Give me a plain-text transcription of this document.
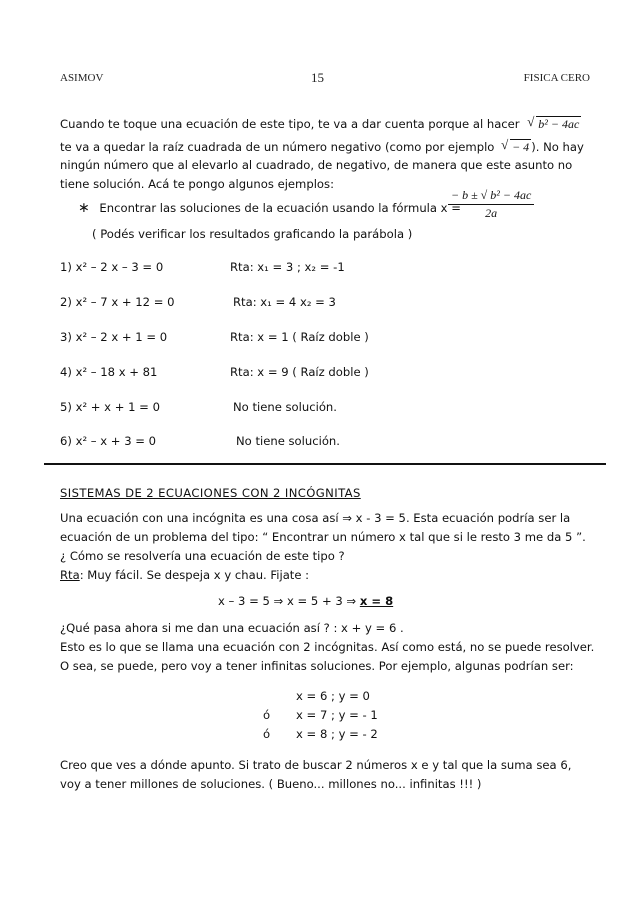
ASIMOV	15	FISICA CERO
Cuando te toque una ecuación de este tipo, te va a dar cuenta porque al hacer √ b² − 4ac
te va a quedar la raíz cuadrada de un número negativo (como por ejemplo √ − 4 ). No hay
ningún número que al elevarlo al cuadrado, de negativo, de manera que este asunto no
tiene solución. Acá te pongo algunos ejemplos:
∗ Encontrar las soluciones de la ecuación usando la fórmula x =
$\frac{\text{− b ± √ b² − 4ac}}{2a}$
( Podés verificar los resultados graficando la parábola )
1) x² – 2 x – 3 = 0	Rta: x₁ = 3 ; x₂ = -1
2) x² – 7 x + 12 = 0	Rta: x₁ = 4 x₂ = 3
3) x² – 2 x + 1 = 0	Rta: x = 1 ( Raíz doble )
4) x² – 18 x + 81	Rta: x = 9 ( Raíz doble )
5) x² + x + 1 = 0	No tiene solución.
6) x² – x + 3 = 0	No tiene solución.
SISTEMAS DE 2 ECUACIONES CON 2 INCÓGNITAS
Una ecuación con una incógnita es una cosa así ⇒ x - 3 = 5. Esta ecuación podría ser la
ecuación de un problema del tipo: “ Encontrar un número x tal que si le resto 3 me da 5 ”.
¿ Cómo se resolvería una ecuación de este tipo ?
Rta: Muy fácil. Se despeja x y chau. Fijate :
x – 3 = 5 ⇒ x = 5 + 3 ⇒ x = 8
¿Qué pasa ahora si me dan una ecuación así ? : x + y = 6 .
Esto es lo que se llama una ecuación con 2 incógnitas. Así como está, no se puede resolver.
O sea, se puede, pero voy a tener infinitas soluciones. Por ejemplo, algunas podrían ser:
x = 6 ; y = 0
ó x = 7 ; y = - 1
ó x = 8 ; y = - 2
Creo que ves a dónde apunto. Si trato de buscar 2 números x e y tal que la suma sea 6,
voy a tener millones de soluciones. ( Bueno... millones no... infinitas !!! )
